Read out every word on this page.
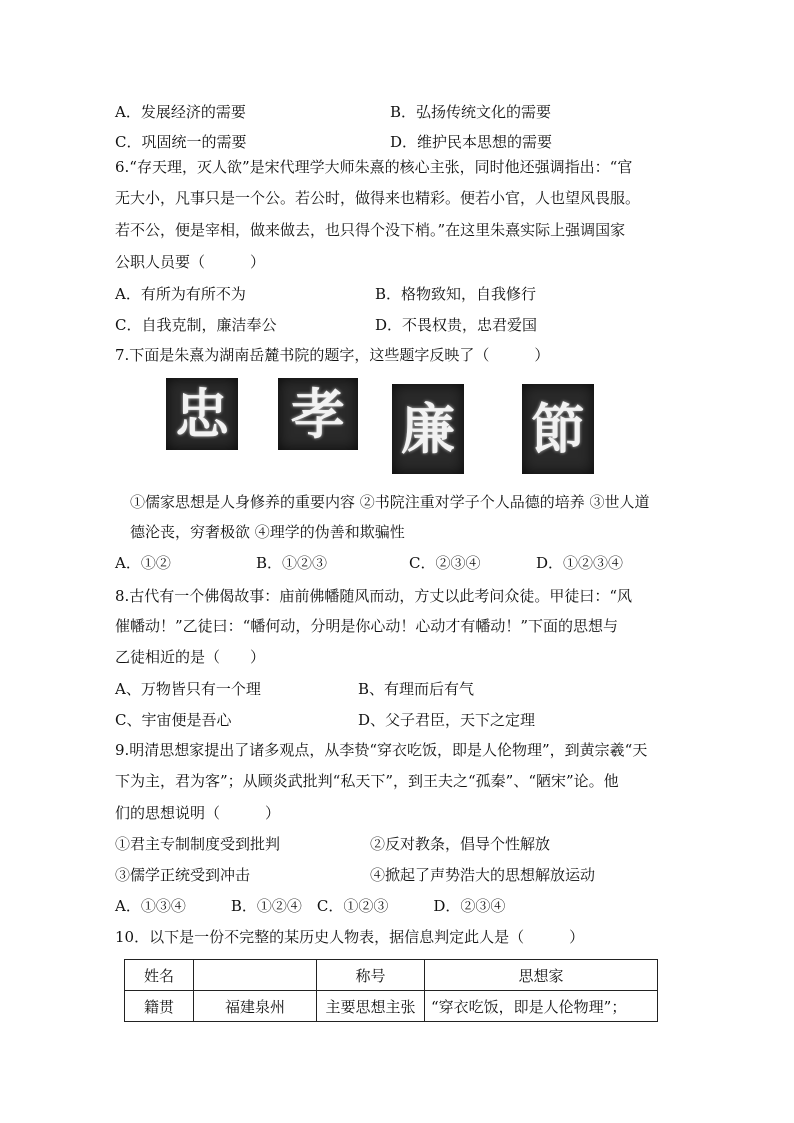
A．发展经济的需要	B．弘扬传统文化的需要
C．巩固统一的需要	D．维护民本思想的需要
6.“存天理，灭人欲”是宋代理学大师朱熹的核心主张，同时他还强调指出：“官
无大小，凡事只是一个公。若公时，做得来也精彩。便若小官，人也望风畏服。
若不公，便是宰相，做来做去，也只得个没下梢。”在这里朱熹实际上强调国家
公职人员要（　　　）
A．有所为有所不为	B．格物致知，自我修行
C．自我克制，廉洁奉公	D．不畏权贵，忠君爱国
7.下面是朱熹为湖南岳麓书院的题字，这些题字反映了（　　　）
忠 孝 廉 節
①儒家思想是人身修养的重要内容 ②书院注重对学子个人品德的培养 ③世人道
德沦丧，穷奢极欲 ④理学的伪善和欺骗性
A．①②	B．①②③	C．②③④	D．①②③④
8.古代有一个佛偈故事：庙前佛幡随风而动，方丈以此考问众徒。甲徒曰：“风
催幡动！”乙徒曰：“幡何动，分明是你心动！心动才有幡动！”下面的思想与
乙徒相近的是（　　）
A、万物皆只有一个理	B、有理而后有气
C、宇宙便是吾心	D、父子君臣，天下之定理
9.明清思想家提出了诸多观点，从李贽“穿衣吃饭，即是人伦物理”，到黄宗羲“天
下为主，君为客”；从顾炎武批判“私天下”，到王夫之“孤秦”、“陋宋”论。他
们的思想说明（　　　）
①君主专制制度受到批判	②反对教条，倡导个性解放
③儒学正统受到冲击	④掀起了声势浩大的思想解放运动
A．①③④　　　B．①②④　C．①②③　　　D．②③④
10．以下是一份不完整的某历史人物表，据信息判定此人是（　　　）
姓名		称号	思想家
籍贯	福建泉州	主要思想主张	“穿衣吃饭，即是人伦物理”；
